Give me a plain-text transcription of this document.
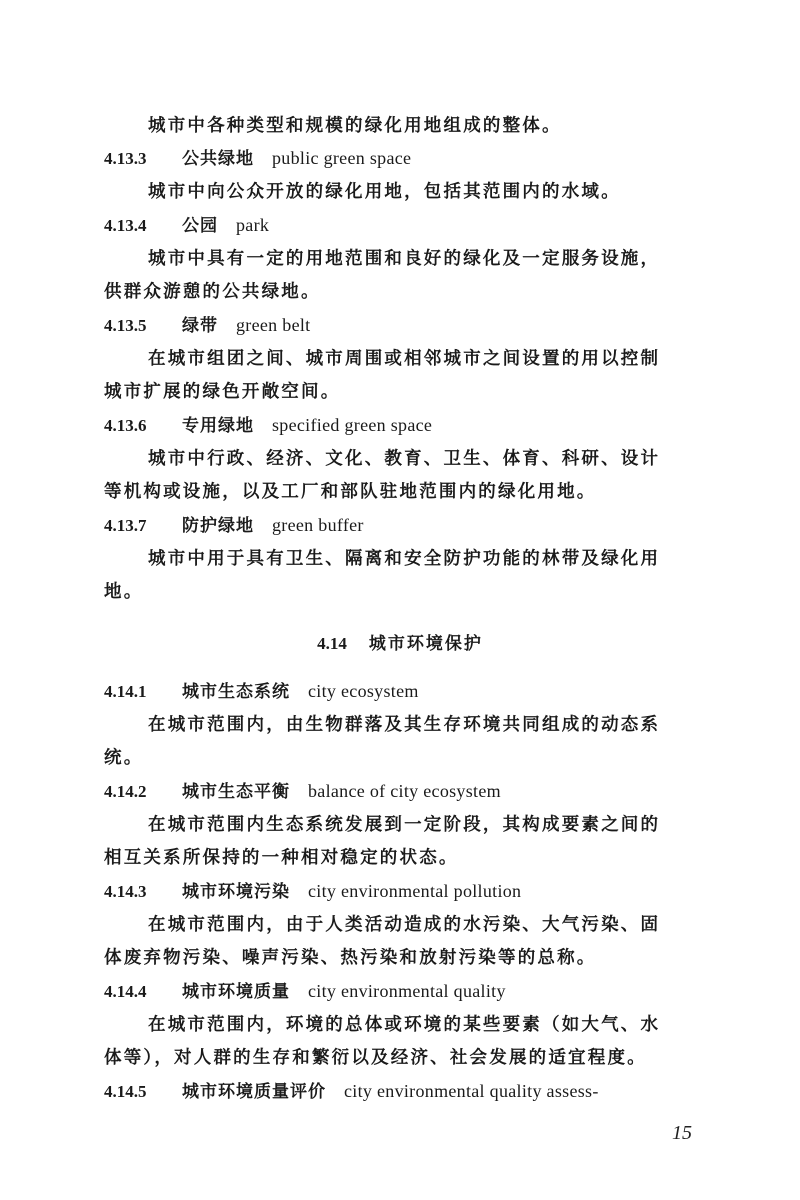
城市中各种类型和规模的绿化用地组成的整体。
4.13.3 公共绿地 public green space
城市中向公众开放的绿化用地，包括其范围内的水域。
4.13.4 公园 park
城市中具有一定的用地范围和良好的绿化及一定服务设施，
供群众游憩的公共绿地。
4.13.5 绿带 green belt
在城市组团之间、城市周围或相邻城市之间设置的用以控制
城市扩展的绿色开敞空间。
4.13.6 专用绿地 specified green space
城市中行政、经济、文化、教育、卫生、体育、科研、设计
等机构或设施，以及工厂和部队驻地范围内的绿化用地。
4.13.7 防护绿地 green buffer
城市中用于具有卫生、隔离和安全防护功能的林带及绿化用
地。
4.14 城市环境保护
4.14.1 城市生态系统 city ecosystem
在城市范围内，由生物群落及其生存环境共同组成的动态系
统。
4.14.2 城市生态平衡 balance of city ecosystem
在城市范围内生态系统发展到一定阶段，其构成要素之间的
相互关系所保持的一种相对稳定的状态。
4.14.3 城市环境污染 city environmental pollution
在城市范围内，由于人类活动造成的水污染、大气污染、固
体废弃物污染、噪声污染、热污染和放射污染等的总称。
4.14.4 城市环境质量 city environmental quality
在城市范围内，环境的总体或环境的某些要素（如大气、水
体等），对人群的生存和繁衍以及经济、社会发展的适宜程度。
4.14.5 城市环境质量评价 city environmental quality assess-
15
